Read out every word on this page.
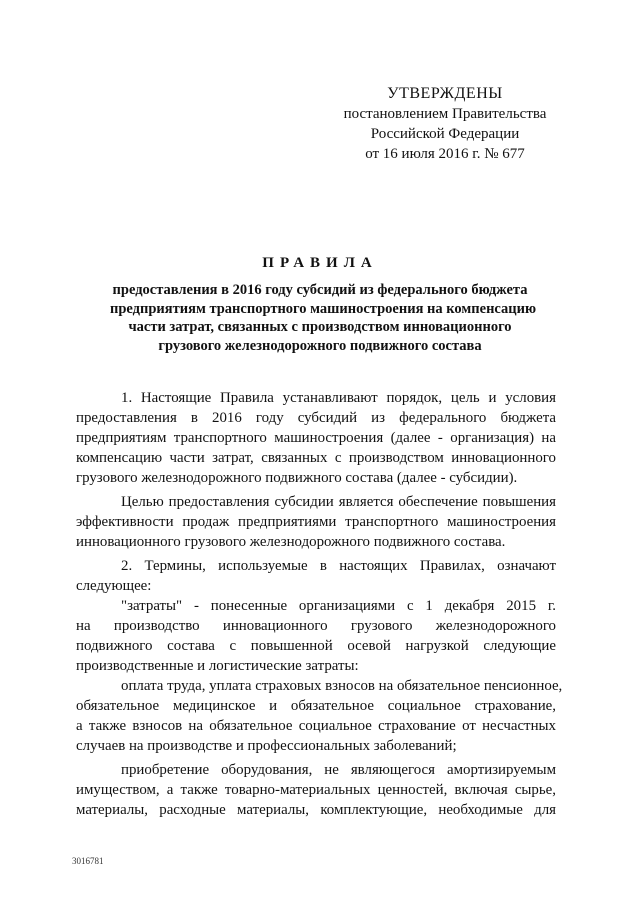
УТВЕРЖДЕНЫ
постановлением Правительства
Российской Федерации
от 16 июля 2016 г. № 677
ПРАВИЛА
предоставления в 2016 году субсидий из федерального бюджета
предприятиям транспортного машиностроения на компенсацию
части затрат, связанных с производством инновационного
грузового железнодорожного подвижного состава
1. Настоящие Правила устанавливают порядок, цель и условия
предоставления в 2016 году субсидий из федерального бюджета
предприятиям транспортного машиностроения (далее - организация) на
компенсацию части затрат, связанных с производством инновационного
грузового железнодорожного подвижного состава (далее - субсидии).
Целью предоставления субсидии является обеспечение повышения
эффективности продаж предприятиями транспортного машиностроения
инновационного грузового железнодорожного подвижного состава.
2. Термины, используемые в настоящих Правилах, означают
следующее:
"затраты" - понесенные организациями с 1 декабря 2015 г.
на производство инновационного грузового железнодорожного
подвижного состава с повышенной осевой нагрузкой следующие
производственные и логистические затраты:
оплата труда, уплата страховых взносов на обязательное пенсионное,
обязательное медицинское и обязательное социальное страхование,
а также взносов на обязательное социальное страхование от несчастных
случаев на производстве и профессиональных заболеваний;
приобретение оборудования, не являющегося амортизируемым
имуществом, а также товарно-материальных ценностей, включая сырье,
материалы, расходные материалы, комплектующие, необходимые для
3016781
